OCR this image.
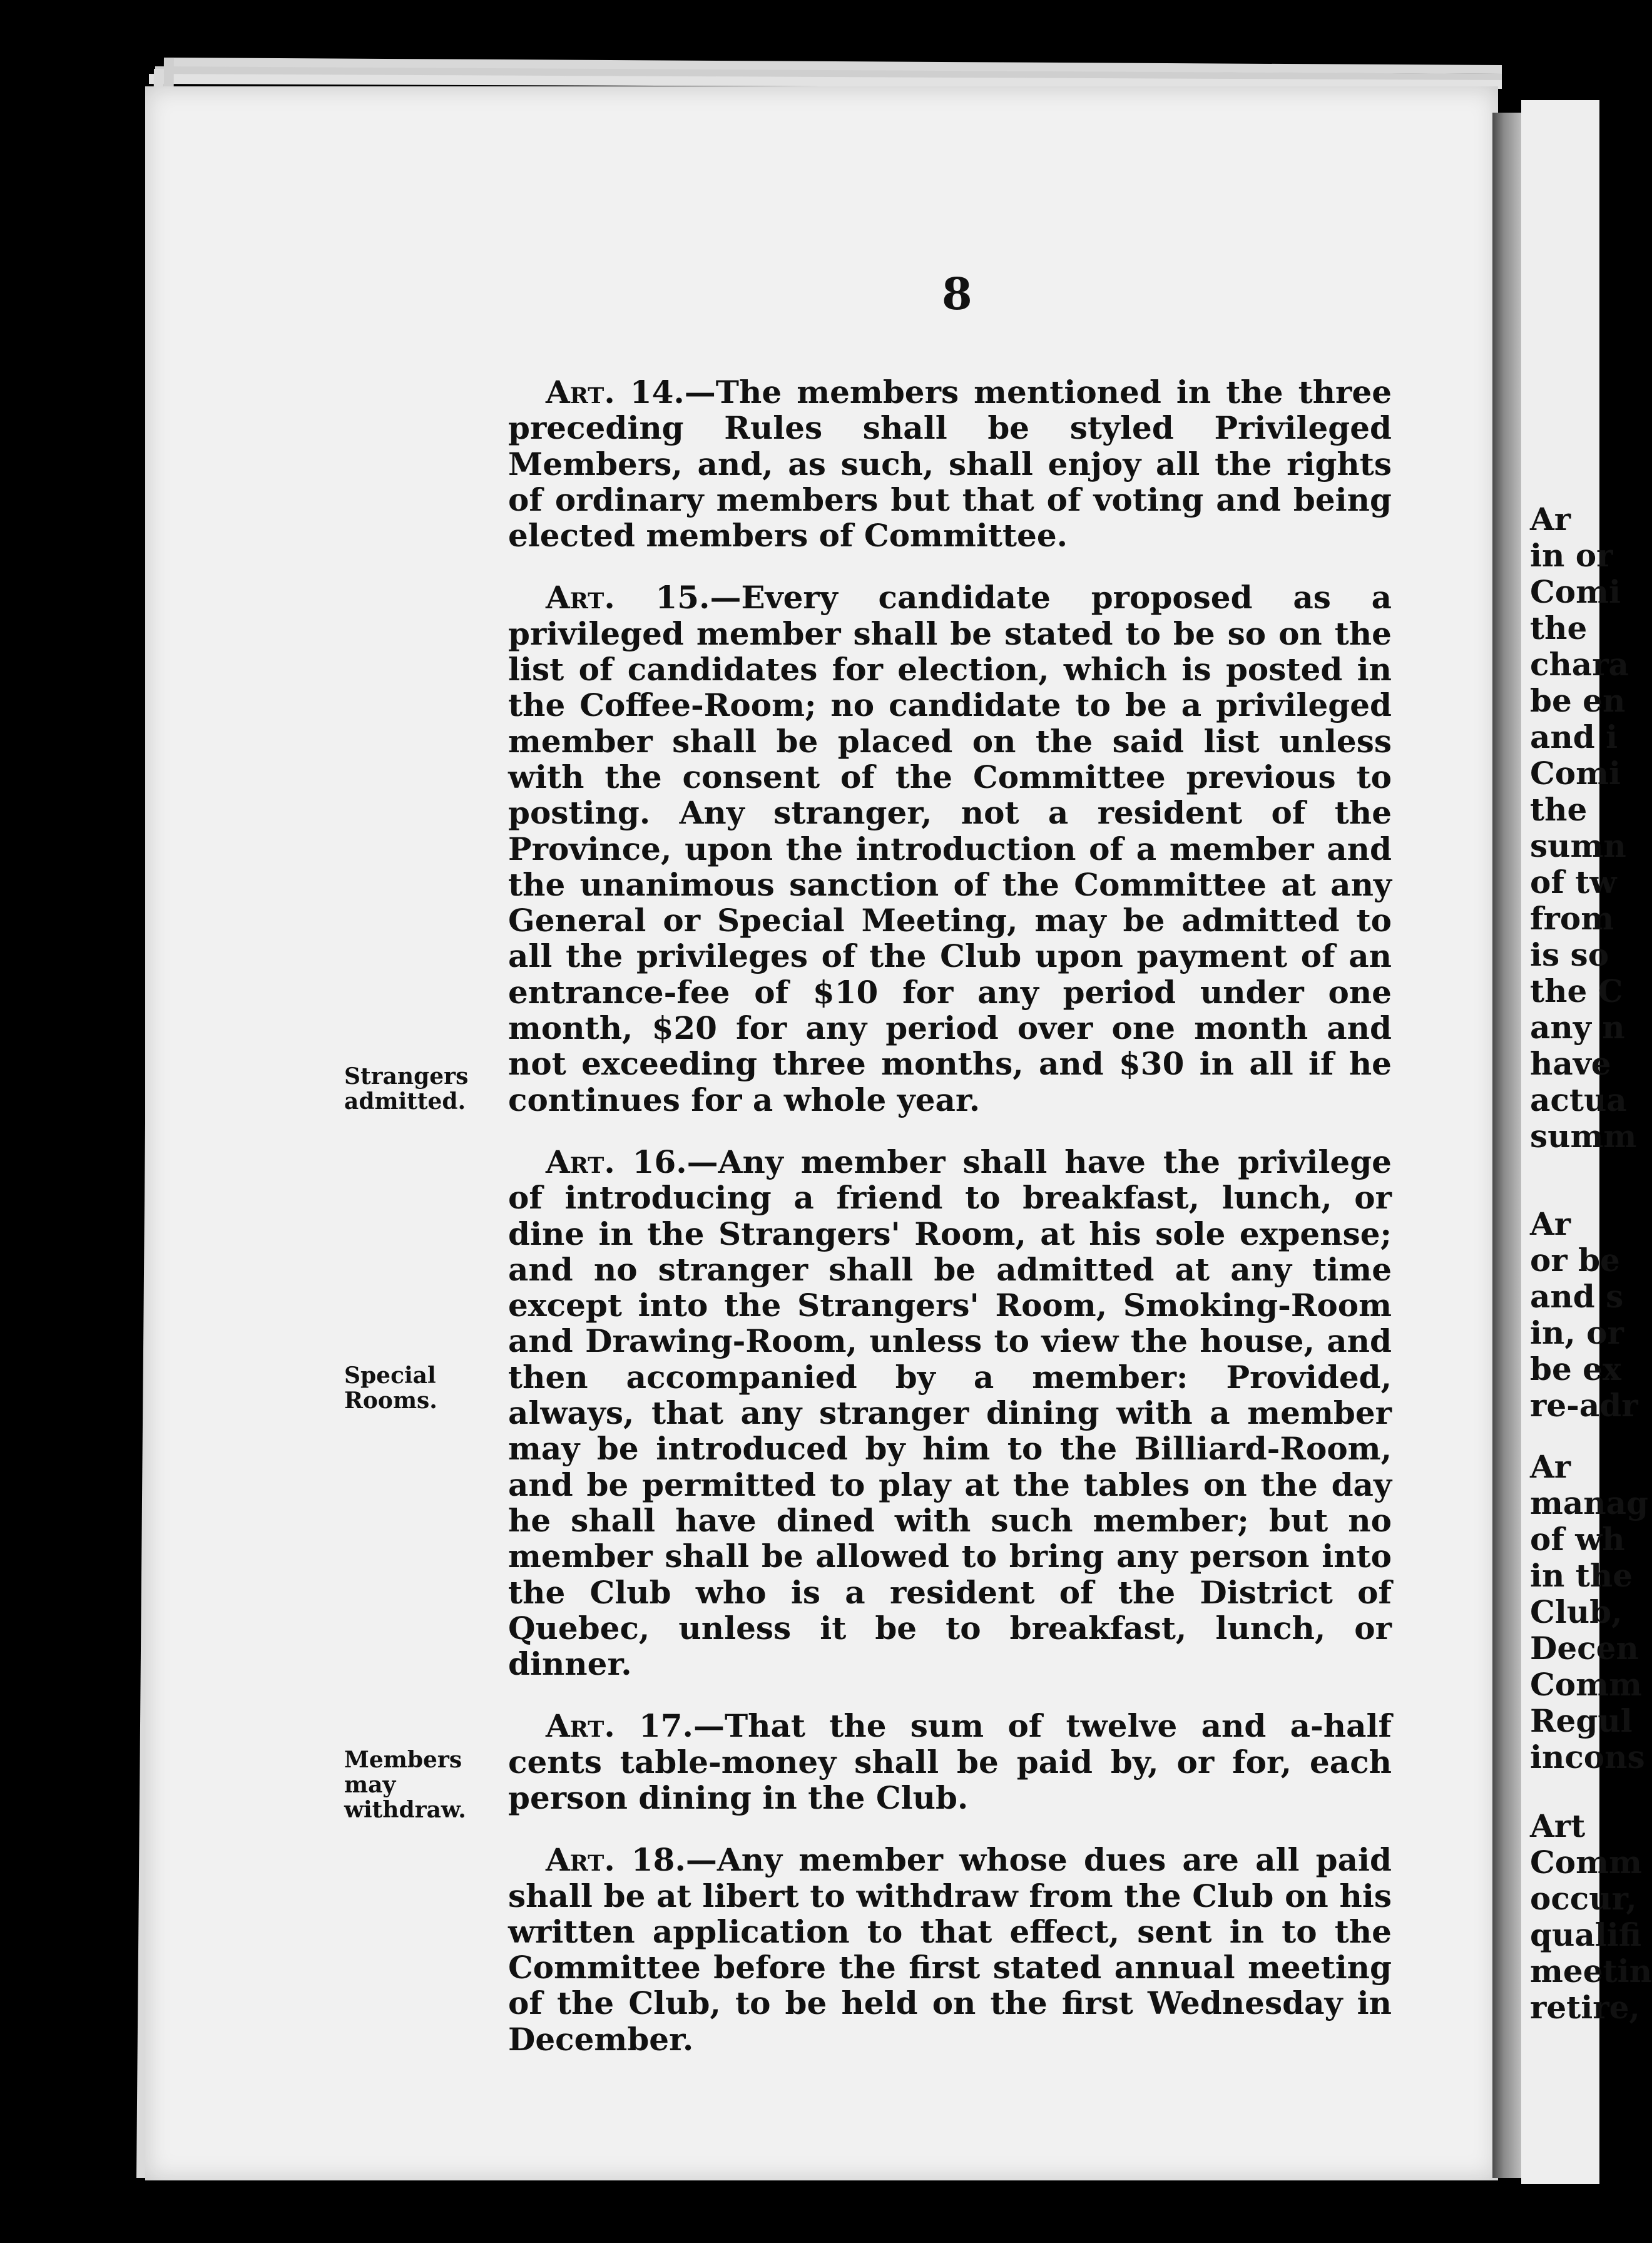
Ar
in or
Comi
the
chara
be en
and i
Comi
the
sumn
of tw
from
is so
the C
any n
have
actua
summ
Ar
or be
and s
in, or
be ex
re-adr
Ar
manag
of wh
in the
Club,
Decen
Comm
Regul
incons
Art
Comm
occur,
qualifi
meetin
retire,
8
Strangers
admitted.
Special
Rooms.
Members
may
withdraw.

Art. 14.—The members mentioned in the three preceding Rules shall be styled Privileged Members, and, as such, shall enjoy all the rights of ordinary members but that of voting and being elected members of Committee.

Art. 15.—Every candidate proposed as a privileged member shall be stated to be so on the list of candidates for election, which is posted in the Coffee-Room; no candidate to be a privileged member shall be placed on the said list unless with the consent of the Committee previous to posting. Any stranger, not a resident of the Province, upon the introduction of a member and the unanimous sanction of the Committee at any General or Special Meeting, may be admitted to all the privileges of the Club upon payment of an entrance-fee of $10 for any period under one month, $20 for any period over one month and not exceeding three months, and $30 in all if he continues for a whole year.

Art. 16.—Any member shall have the privilege of introducing a friend to breakfast, lunch, or dine in the Strangers' Room, at his sole expense; and no stranger shall be admitted at any time except into the Strangers' Room, Smoking-Room and Drawing-Room, unless to view the house, and then accompanied by a member: Provided, always, that any stranger dining with a member may be introduced by him to the Billiard-Room, and be permitted to play at the tables on the day he shall have dined with such member; but no member shall be allowed to bring any person into the Club who is a resident of the District of Quebec, unless it be to breakfast, lunch, or dinner.

Art. 17.—That the sum of twelve and a-half cents table-money shall be paid by, or for, each person dining in the Club.

Art. 18.—Any member whose dues are all paid shall be at libert to withdraw from the Club on his written application to that effect, sent in to the Committee before the first stated annual meeting of the Club, to be held on the first Wednesday in December.
